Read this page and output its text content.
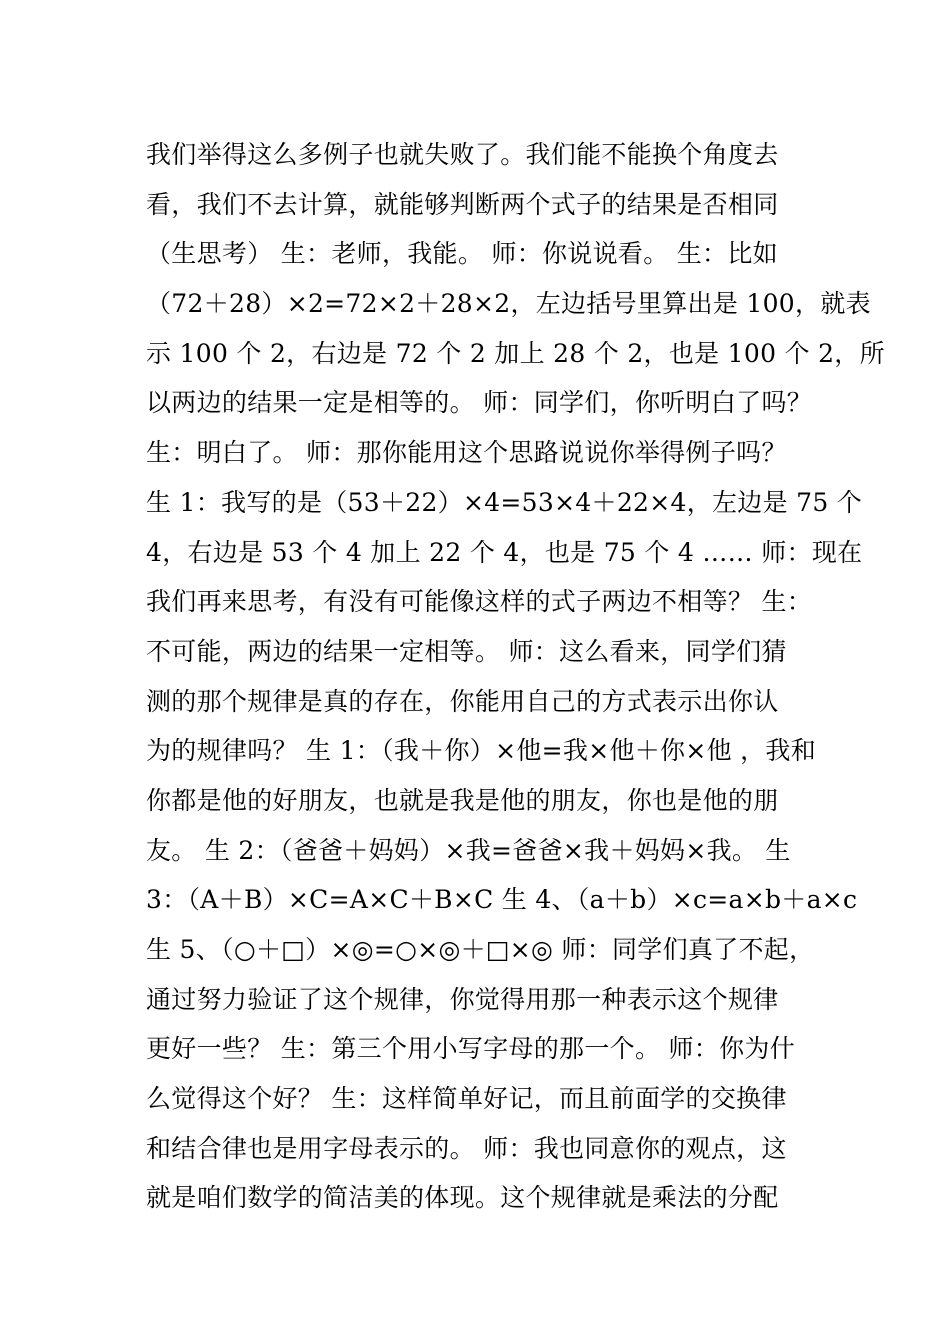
我们举得这么多例子也就失败了。我们能不能换个角度去
看，我们不去计算，就能够判断两个式子的结果是否相同
（生思考） 生：老师，我能。 师：你说说看。 生：比如
（72＋28）×2=72×2＋28×2，左边括号里算出是 100，就表
示 100 个 2，右边是 72 个 2 加上 28 个 2，也是 100 个 2，所
以两边的结果一定是相等的。 师：同学们，你听明白了吗？
生：明白了。 师：那你能用这个思路说说你举得例子吗？
生 1：我写的是（53＋22）×4=53×4＋22×4，左边是 75 个
4，右边是 53 个 4 加上 22 个 4，也是 75 个 4 …… 师：现在
我们再来思考，有没有可能像这样的式子两边不相等？ 生：
不可能，两边的结果一定相等。 师：这么看来，同学们猜
测的那个规律是真的存在，你能用自己的方式表示出你认
为的规律吗？ 生 1：（我＋你）×他=我×他＋你×他 ，我和
你都是他的好朋友，也就是我是他的朋友，你也是他的朋
友。 生 2：（爸爸＋妈妈）×我=爸爸×我＋妈妈×我。 生
3：（A＋B）×C=A×C＋B×C 生 4、（a＋b）×c=a×b＋a×c
生 5、（○＋□）×◎=○×◎＋□×◎ 师：同学们真了不起，
通过努力验证了这个规律，你觉得用那一种表示这个规律
更好一些？ 生：第三个用小写字母的那一个。 师：你为什
么觉得这个好？ 生：这样简单好记，而且前面学的交换律
和结合律也是用字母表示的。 师：我也同意你的观点，这
就是咱们数学的简洁美的体现。这个规律就是乘法的分配
